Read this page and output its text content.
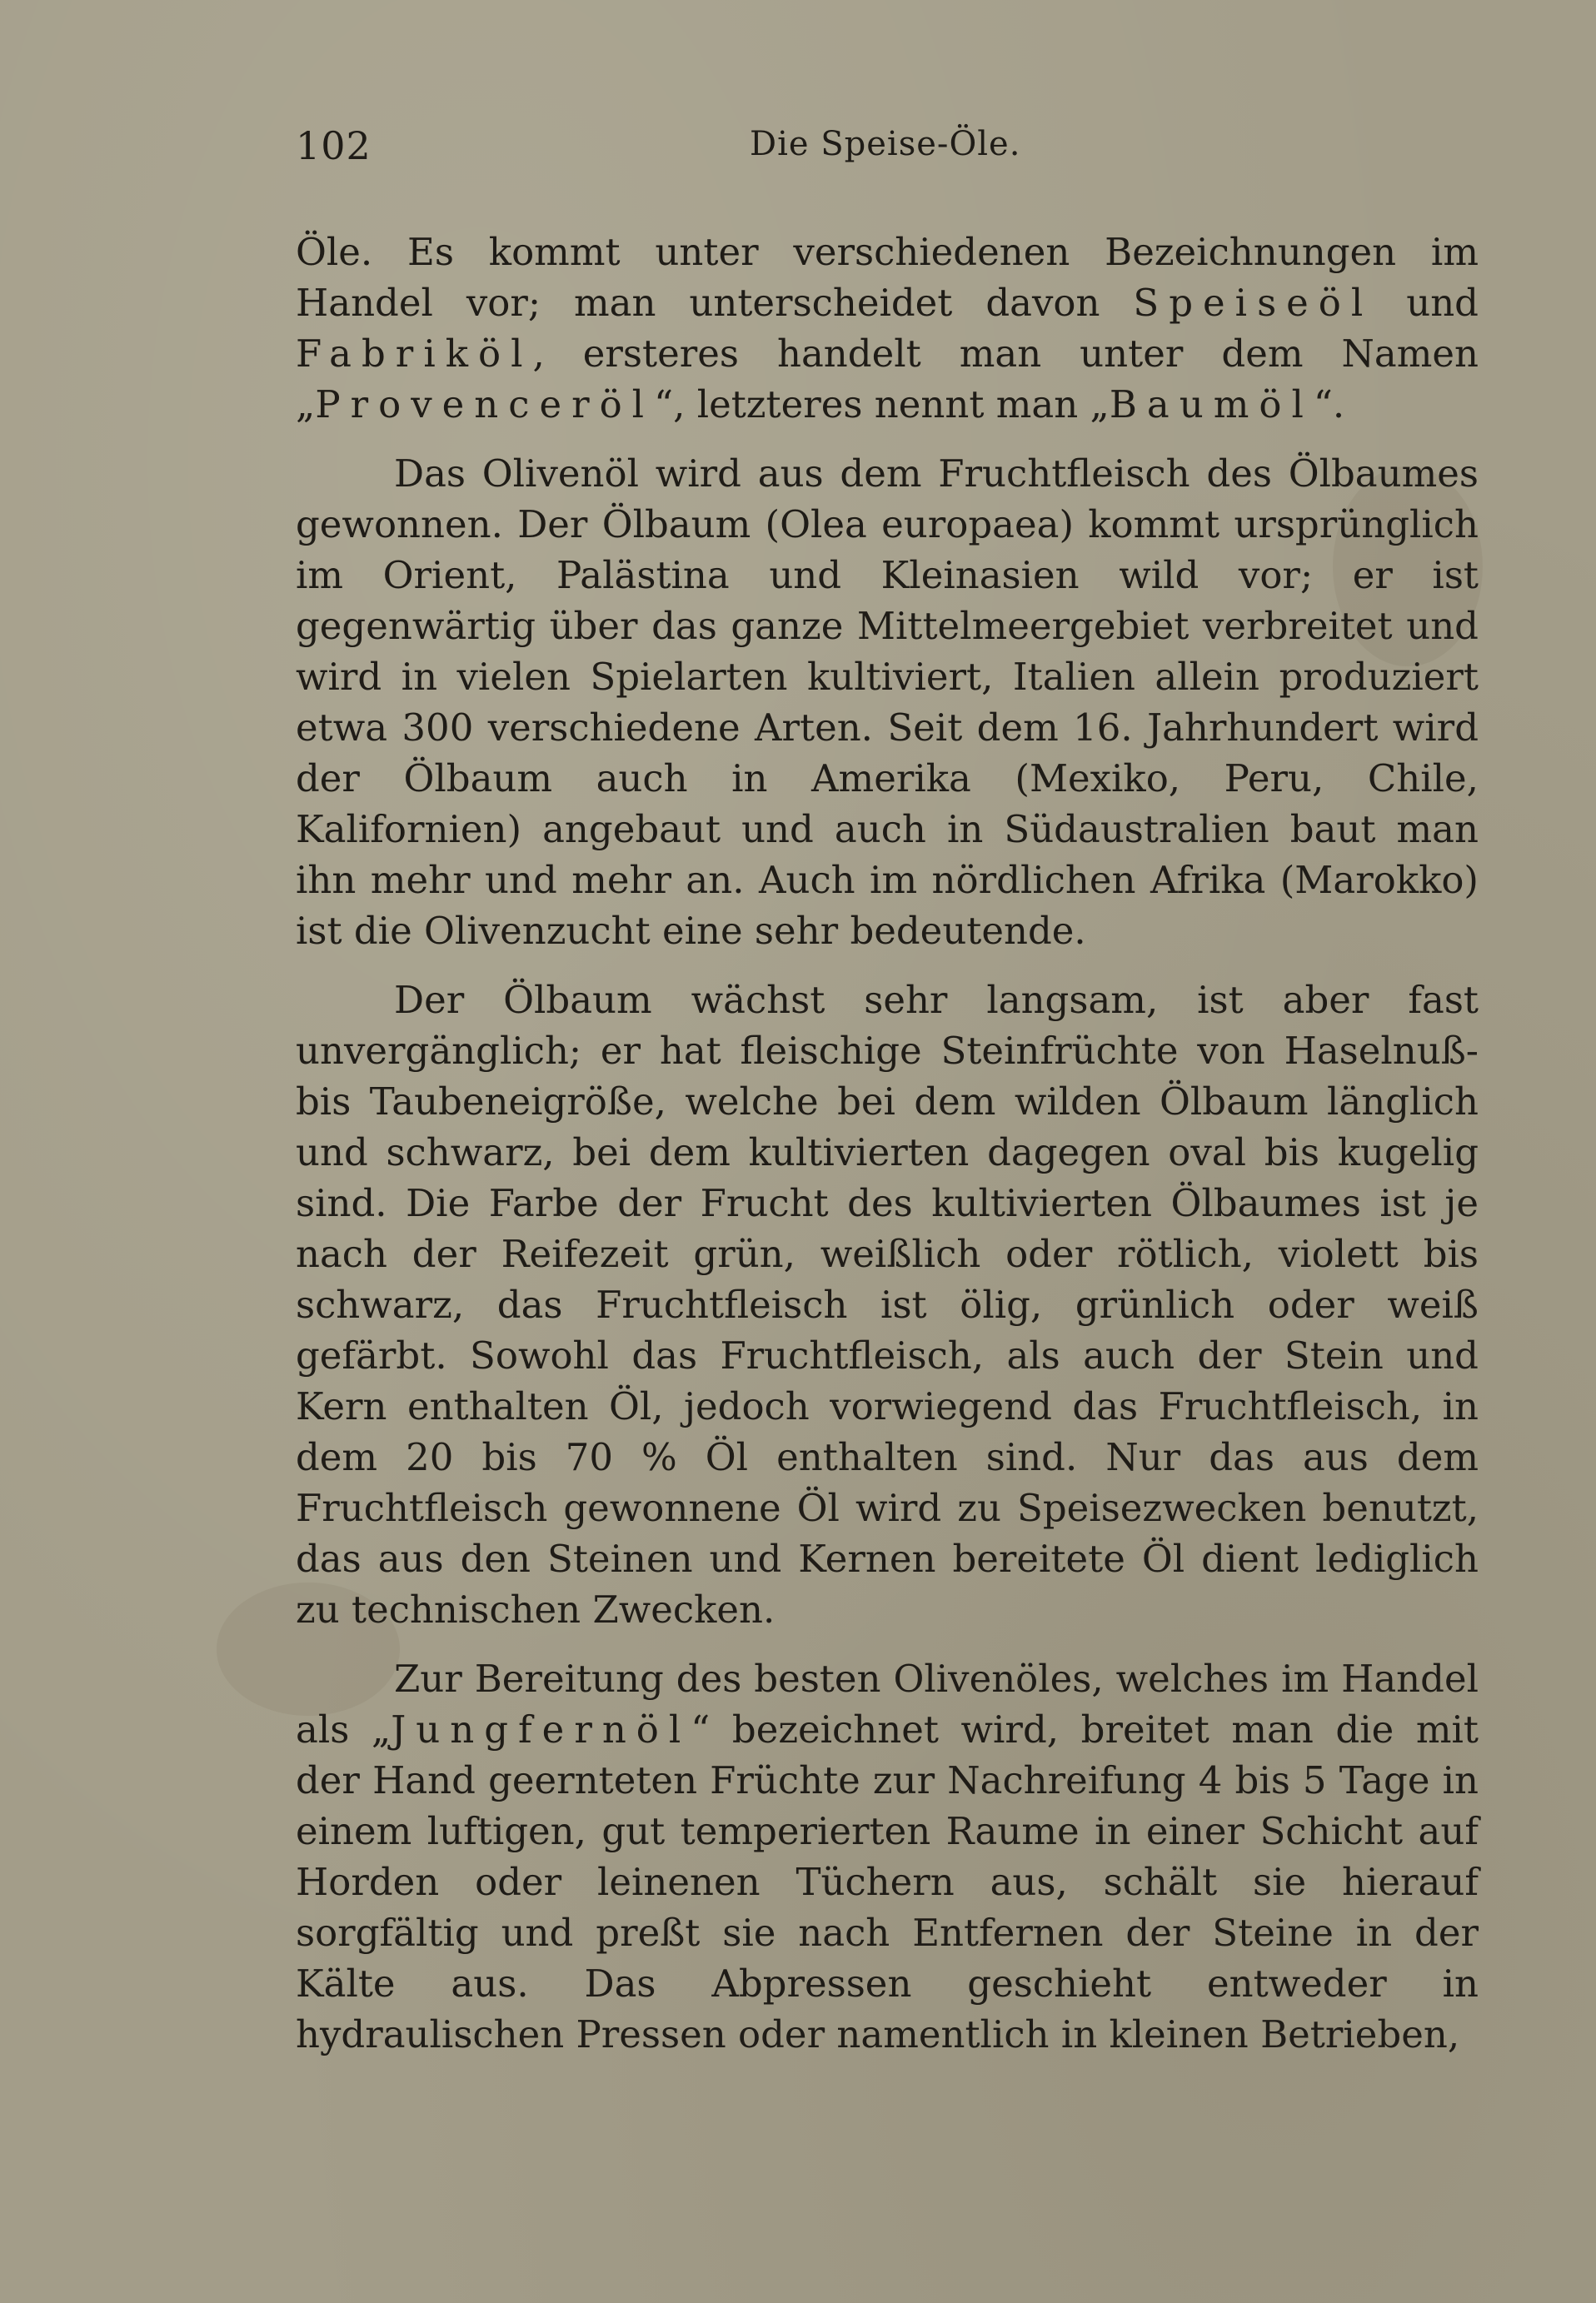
102	Die Speise-Öle.

Öle. Es kommt unter verschiedenen Bezeichnungen im Handel vor; man unterscheidet davon Speiseöl und Fabriköl, ersteres handelt man unter dem Namen „Provenceröl“, letzteres nennt man „Baumöl“.

Das Olivenöl wird aus dem Fruchtfleisch des Ölbaumes gewonnen. Der Ölbaum (Olea europaea) kommt ursprünglich im Orient, Palästina und Kleinasien wild vor; er ist gegenwärtig über das ganze Mittelmeergebiet verbreitet und wird in vielen Spielarten kultiviert, Italien allein produziert etwa 300 verschiedene Arten. Seit dem 16. Jahrhundert wird der Ölbaum auch in Amerika (Mexiko, Peru, Chile, Kalifornien) angebaut und auch in Südaustralien baut man ihn mehr und mehr an. Auch im nördlichen Afrika (Marokko) ist die Olivenzucht eine sehr bedeutende.

Der Ölbaum wächst sehr langsam, ist aber fast unvergänglich; er hat fleischige Steinfrüchte von Haselnuß- bis Taubeneigröße, welche bei dem wilden Ölbaum länglich und schwarz, bei dem kultivierten dagegen oval bis kugelig sind. Die Farbe der Frucht des kultivierten Ölbaumes ist je nach der Reifezeit grün, weißlich oder rötlich, violett bis schwarz, das Fruchtfleisch ist ölig, grünlich oder weiß gefärbt. Sowohl das Fruchtfleisch, als auch der Stein und Kern enthalten Öl, jedoch vorwiegend das Fruchtfleisch, in dem 20 bis 70 % Öl enthalten sind. Nur das aus dem Fruchtfleisch gewonnene Öl wird zu Speisezwecken benutzt, das aus den Steinen und Kernen bereitete Öl dient lediglich zu technischen Zwecken.

Zur Bereitung des besten Olivenöles, welches im Handel als „Jungfernöl“ bezeichnet wird, breitet man die mit der Hand geernteten Früchte zur Nachreifung 4 bis 5 Tage in einem luftigen, gut temperierten Raume in einer Schicht auf Horden oder leinenen Tüchern aus, schält sie hierauf sorgfältig und preßt sie nach Entfernen der Steine in der Kälte aus. Das Abpressen geschieht entweder in hydraulischen Pressen oder namentlich in kleinen Betrieben,
